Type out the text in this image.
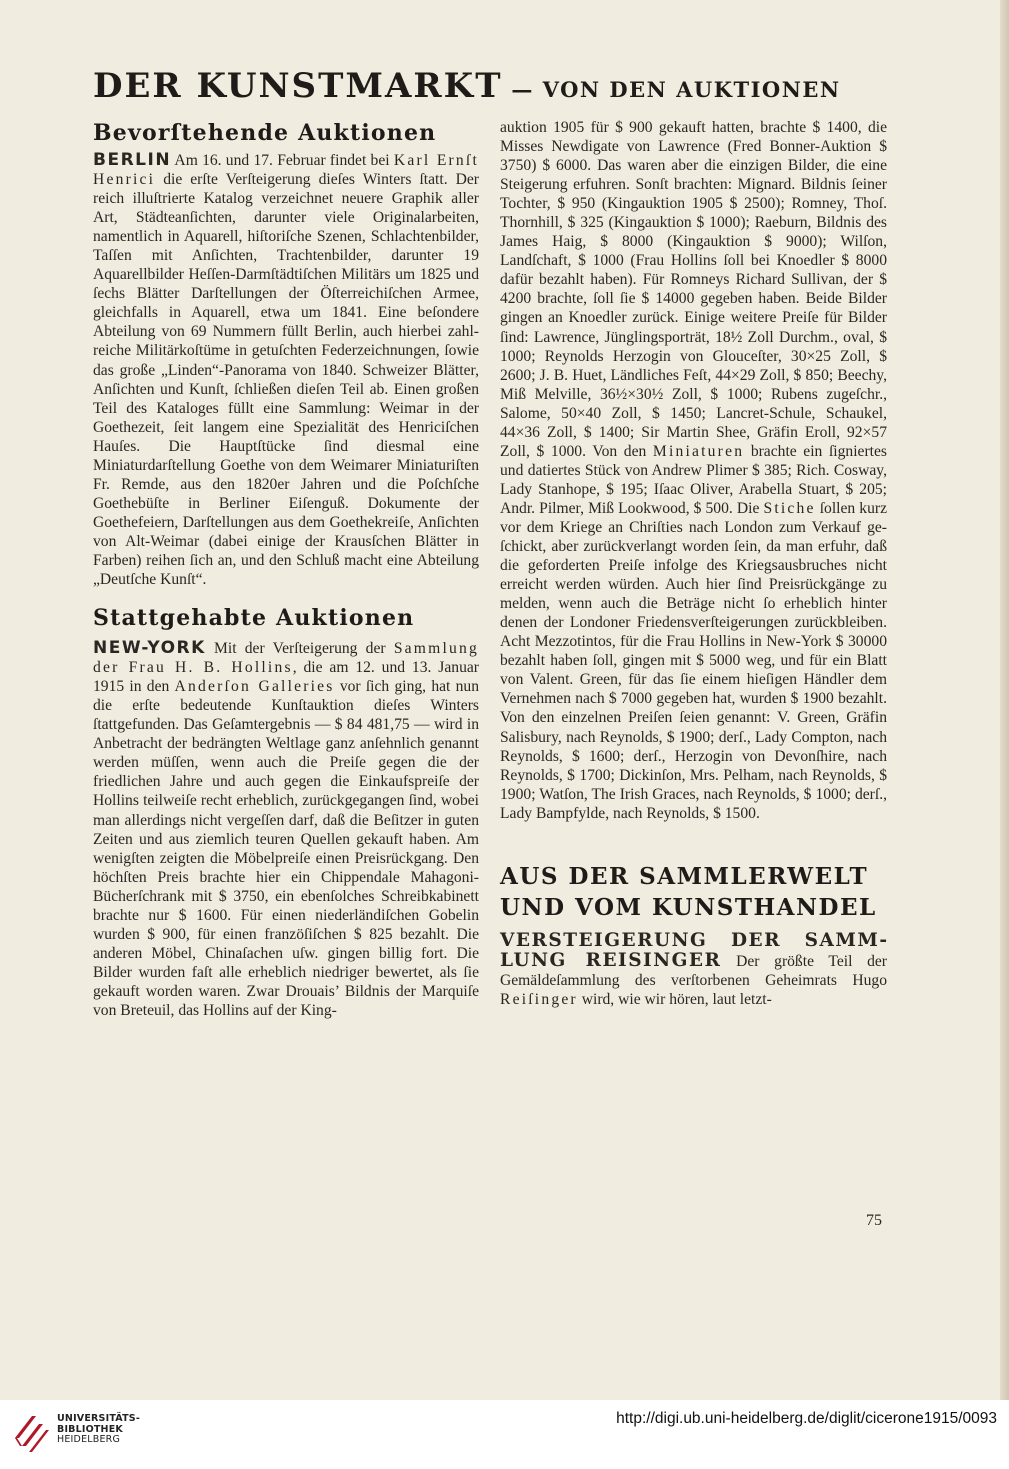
DER KUNSTMARKT — VON DEN AUKTIONEN
Bevorſtehende Auktionen

BERLIN Am 16. und 17. Februar findet bei Karl Ernſt Henrici die erſte Verſteigerung dieſes Winters ſtatt. Der reich illuſtrierte Katalog verzeichnet neuere Graphik aller Art, Städteanſichten, darunter viele Originalarbeiten, namentlich in Aquarell, hiſtoriſche Szenen, Schlachtenbilder, Taſſen mit Anſichten, Trachtenbilder, darunter 19 Aquarellbilder Heſſen-Darmſtädtiſchen Militärs um 1825 und ſechs Blätter Darſtellungen der Öſterreichiſchen Armee, gleichfalls in Aquarell, etwa um 1841. Eine beſondere Abteilung von 69 Nummern füllt Berlin, auch hierbei zahlreiche Militärkoſtüme in getuſchten Federzeichnungen, ſowie das große „Linden“-Panorama von 1840. Schweizer Blätter, Anſichten und Kunſt, ſchließen dieſen Teil ab. Einen großen Teil des Kataloges füllt eine Sammlung: Weimar in der Goethezeit, ſeit langem eine Spezialität des Henriciſchen Hauſes. Die Hauptſtücke ſind diesmal eine Miniaturdarſtellung Goethe von dem Weimarer Miniaturiſten Fr. Remde, aus den 1820er Jahren und die Poſchſche Goethebüſte in Berliner Eiſenguß. Dokumente der Goethefeiern, Darſtellungen aus dem Goethekreiſe, Anſichten von Alt-Weimar (dabei einige der Krausſchen Blätter in Farben) reihen ſich an, und den Schluß macht eine Abteilung „Deutſche Kunſt“.

Stattgehabte Auktionen

NEW-YORK Mit der Verſteigerung der Sammlung der Frau H. B. Hollins, die am 12. und 13. Januar 1915 in den Anderſon Galleries vor ſich ging, hat nun die erſte bedeutende Kunſtauktion dieſes Winters ſtattgefunden. Das Geſamtergebnis — $ 84 481,75 — wird in Anbetracht der bedrängten Weltlage ganz anſehnlich genannt werden müſſen, wenn auch die Preiſe gegen die der friedlichen Jahre und auch gegen die Einkaufspreiſe der Hollins teilweiſe recht erheblich, zurückgegangen ſind, wobei man allerdings nicht vergeſſen darf, daß die Beſitzer in guten Zeiten und aus ziemlich teuren Quellen gekauft haben. Am wenigſten zeigten die Möbelpreiſe einen Preisrückgang. Den höchſten Preis brachte hier ein Chippendale Mahagoni-Bücherſchrank mit $ 3750, ein ebenſolches Schreibkabinett brachte nur $ 1600. Für einen niederländiſchen Gobelin wurden $ 900, für einen franzöſiſchen $ 825 bezahlt. Die anderen Möbel, Chinaſachen uſw. gingen billig fort. Die Bilder wurden faſt alle erheblich niedriger bewertet, als ſie gekauft worden waren. Zwar Drouais’ Bildnis der Marquiſe von Breteuil, das Hollins auf der King-

auktion 1905 für $ 900 gekauft hatten, brachte $ 1400, die Misses Newdigate von Lawrence (Fred Bonner-Auktion $ 3750) $ 6000. Das waren aber die einzigen Bilder, die eine Steigerung erfuhren. Sonſt brachten: Mignard. Bildnis ſeiner Tochter, $ 950 (Kingauktion 1905 $ 2500); Romney, Thoſ. Thornhill, $ 325 (Kingauktion $ 1000); Raeburn, Bildnis des James Haig, $ 8000 (Kingauktion $ 9000); Wilſon, Landſchaft, $ 1000 (Frau Hollins ſoll bei Knoedler $ 8000 dafür bezahlt haben). Für Romneys Richard Sullivan, der $ 4200 brachte, ſoll ſie $ 14000 gegeben haben. Beide Bilder gingen an Knoedler zurück. Einige weitere Preiſe für Bilder ſind: Lawrence, Jünglingsporträt, 18½ Zoll Durchm., oval, $ 1000; Reynolds Herzogin von Glouceſter, 30×25 Zoll, $ 2600; J. B. Huet, Ländliches Feſt, 44×29 Zoll, $ 850; Beechy, Miß Melville, 36½×30½ Zoll, $ 1000; Rubens zugeſchr., Salome, 50×40 Zoll, $ 1450; Lancret-Schule, Schaukel, 44×36 Zoll, $ 1400; Sir Martin Shee, Gräfin Eroll, 92×57 Zoll, $ 1000. Von den Miniaturen brachte ein ſigniertes und datiertes Stück von Andrew Plimer $ 385; Rich. Cosway, Lady Stanhope, $ 195; Iſaac Oliver, Arabella Stuart, $ 205; Andr. Pilmer, Miß Lookwood, $ 500. Die Stiche ſollen kurz vor dem Kriege an Chriſties nach London zum Verkauf geſchickt, aber zurückverlangt worden ſein, da man erfuhr, daß die geforderten Preiſe infolge des Kriegsausbruches nicht erreicht werden würden. Auch hier ſind Preisrückgänge zu melden, wenn auch die Beträge nicht ſo erheblich hinter denen der Londoner Friedensverſteigerungen zurückbleiben. Acht Mezzotintos, für die Frau Hollins in New-York $ 30000 bezahlt haben ſoll, gingen mit $ 5000 weg, und für ein Blatt von Valent. Green, für das ſie einem hieſigen Händler dem Vernehmen nach $ 7000 gegeben hat, wurden $ 1900 bezahlt. Von den einzelnen Preiſen ſeien genannt: V. Green, Gräfin Salisbury, nach Reynolds, $ 1900; derſ., Lady Compton, nach Reynolds, $ 1600; derſ., Herzogin von Devonſhire, nach Reynolds, $ 1700; Dickinſon, Mrs. Pelham, nach Reynolds, $ 1900; Watſon, The Irish Graces, nach Reynolds, $ 1000; derſ., Lady Bampfylde, nach Reynolds, $ 1500.

AUS DER SAMMLERWELT
UND VOM KUNSTHANDEL

VERSTEIGERUNG DER SAMMLUNG REISINGER Der größte Teil der Gemäldeſammlung des verſtorbenen Geheimrats Hugo Reiſinger wird, wie wir hören, laut letzt-

75
UNIVERSITÄTS-
BIBLIOTHEK
HEIDELBERG
http://digi.ub.uni-heidelberg.de/diglit/cicerone1915/0093
